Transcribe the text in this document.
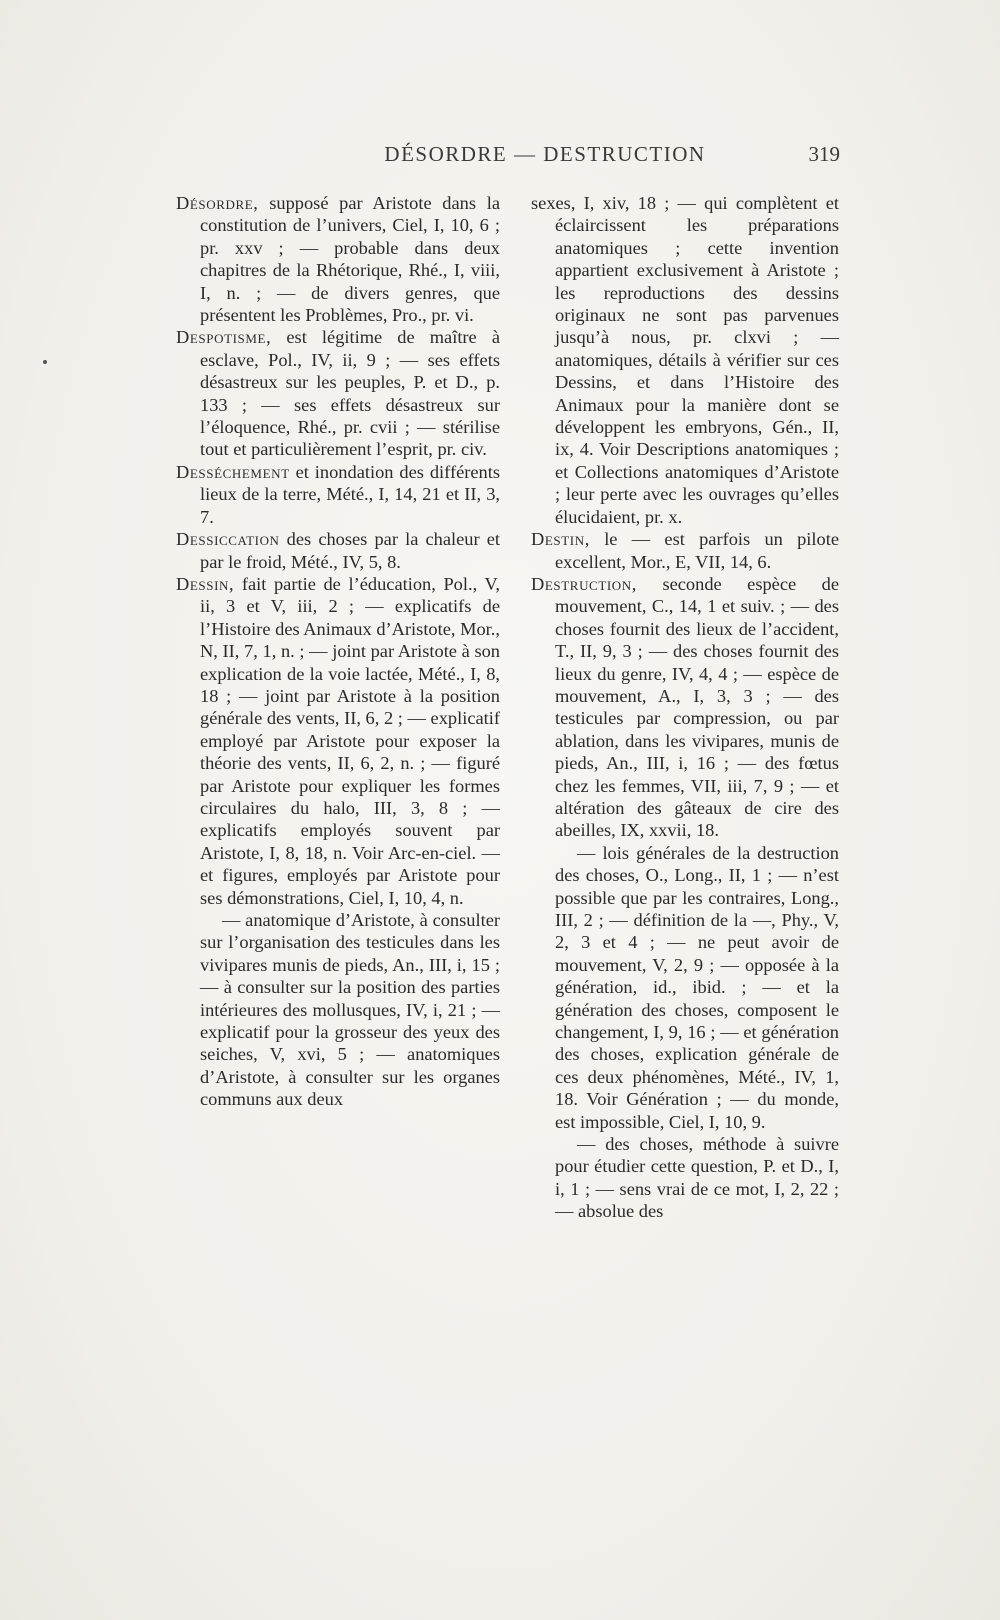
DÉSORDRE — DESTRUCTION	319

Désordre, supposé par Aristote dans la constitution de l’univers, Ciel, I, 10, 6 ; pr. xxv ; — probable dans deux chapitres de la Rhétorique, Rhé., I, viii, I, n. ; — de divers genres, que présentent les Problèmes, Pro., pr. vi.

Despotisme, est légitime de maître à esclave, Pol., IV, ii, 9 ; — ses effets désastreux sur les peuples, P. et D., p. 133 ; — ses effets désastreux sur l’éloquence, Rhé., pr. cvii ; — stérilise tout et particulièrement l’esprit, pr. civ.

Desséchement et inondation des différents lieux de la terre, Mété., I, 14, 21 et II, 3, 7.

Dessiccation des choses par la chaleur et par le froid, Mété., IV, 5, 8.

Dessin, fait partie de l’éducation, Pol., V, ii, 3 et V, iii, 2 ; — explicatifs de l’Histoire des Animaux d’Aristote, Mor., N, II, 7, 1, n. ; — joint par Aristote à son explication de la voie lactée, Mété., I, 8, 18 ; — joint par Aristote à la position générale des vents, II, 6, 2 ; — explicatif employé par Aristote pour exposer la théorie des vents, II, 6, 2, n. ; — figuré par Aristote pour expliquer les formes circulaires du halo, III, 3, 8 ; — explicatifs employés souvent par Aristote, I, 8, 18, n. Voir Arc-en-ciel. — et figures, employés par Aristote pour ses démonstrations, Ciel, I, 10, 4, n.

— anatomique d’Aristote, à consulter sur l’organisation des testicules dans les vivipares munis de pieds, An., III, i, 15 ; — à consulter sur la position des parties intérieures des mollusques, IV, i, 21 ; — explicatif pour la grosseur des yeux des seiches, V, xvi, 5 ; — anatomiques d’Aristote, à consulter sur les organes communs aux deux

sexes, I, xiv, 18 ; — qui complètent et éclaircissent les préparations anatomiques ; cette invention appartient exclusivement à Aristote ; les reproductions des dessins originaux ne sont pas parvenues jusqu’à nous, pr. clxvi ; — anatomiques, détails à vérifier sur ces Dessins, et dans l’Histoire des Animaux pour la manière dont se développent les embryons, Gén., II, ix, 4. Voir Descriptions anatomiques ; et Collections anatomiques d’Aristote ; leur perte avec les ouvrages qu’elles élucidaient, pr. x.

Destin, le — est parfois un pilote excellent, Mor., E, VII, 14, 6.

Destruction, seconde espèce de mouvement, C., 14, 1 et suiv. ; — des choses fournit des lieux de l’accident, T., II, 9, 3 ; — des choses fournit des lieux du genre, IV, 4, 4 ; — espèce de mouvement, A., I, 3, 3 ; — des testicules par compression, ou par ablation, dans les vivipares, munis de pieds, An., III, i, 16 ; — des fœtus chez les femmes, VII, iii, 7, 9 ; — et altération des gâteaux de cire des abeilles, IX, xxvii, 18.

— lois générales de la destruction des choses, O., Long., II, 1 ; — n’est possible que par les contraires, Long., III, 2 ; — définition de la —, Phy., V, 2, 3 et 4 ; — ne peut avoir de mouvement, V, 2, 9 ; — opposée à la génération, id., ibid. ; — et la génération des choses, composent le changement, I, 9, 16 ; — et génération des choses, explication générale de ces deux phénomènes, Mété., IV, 1, 18. Voir Génération ; — du monde, est impossible, Ciel, I, 10, 9.

— des choses, méthode à suivre pour étudier cette question, P. et D., I, i, 1 ; — sens vrai de ce mot, I, 2, 22 ; — absolue des
